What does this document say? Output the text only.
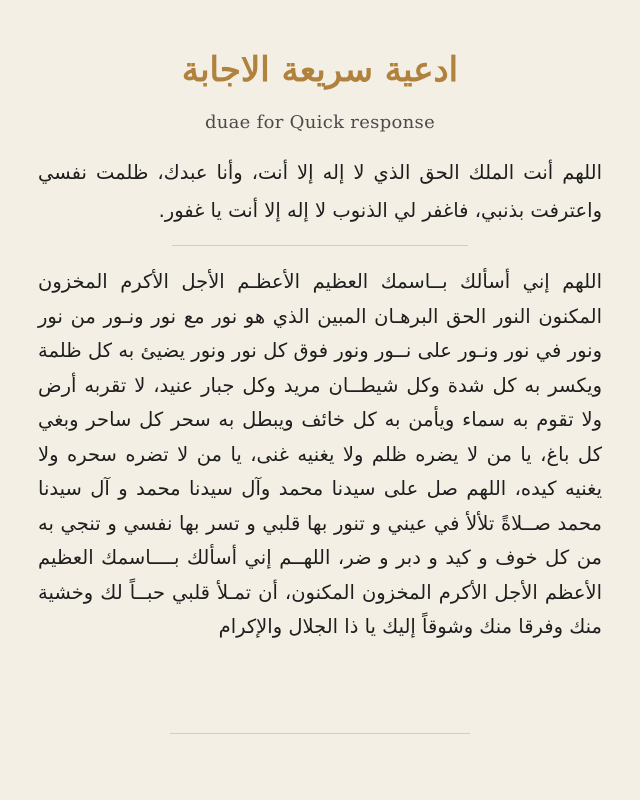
ادعية سريعة الاجابة
duae for Quick response

اللهم أنت الملك الحق الذي لا إله إلا أنت، وأنا عبدك، ظلمت نفسي واعترفت بذنبي، فاغفر لي الذنوب لا إله إلا أنت يا غفور.

اللهم إني أسألك بــاسمك العظيم الأعظـم الأجل الأكرم المخزون المكنون النور الحق البرهـان المبين الذي هو نور مع نور ونـور من نور ونور في نور ونـور على نــور ونور فوق كل نور ونور يضيئ به كل ظلمة ويكسر به كل شدة وكل شيطــان مريد وكل جبار عنيد، لا تقربه أرض ولا تقوم به سماء ويأمن به كل خائف ويبطل به سحر كل ساحر وبغي كل باغ، يا من لا يضره ظلم ولا يغنيه غنى، يا من لا تضره سحره ولا يغنيه كيده، اللهم صل على سيدنا محمد وآل سيدنا محمد و آل سيدنا محمد صــلاةً تلألأ في عيني و تنور بها قلبي و تسر بها نفسي و تنجي به من كل خوف و كيد و دبر و ضر، اللهــم إني أسألك بــــاسمك العظيم الأعظم الأجل الأكرم المخزون المكنون، أن تمـلأ قلبي حبــاً لك وخشية منك وفرقا منك وشوقاً إليك يا ذا الجلال والإكرام
